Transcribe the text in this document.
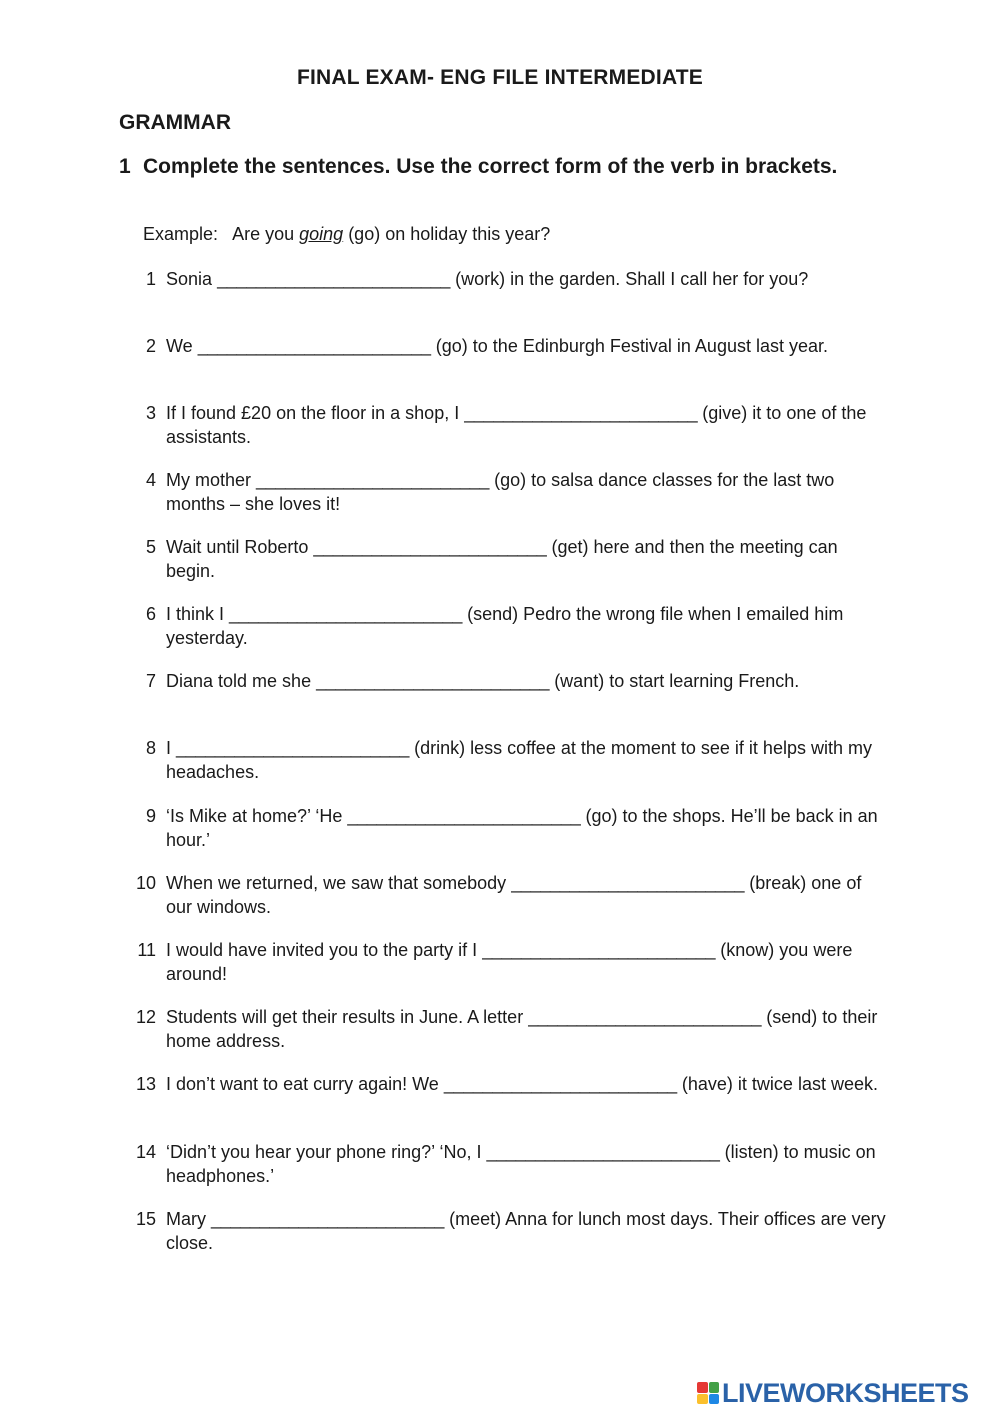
FINAL EXAM- ENG FILE INTERMEDIATE
GRAMMAR
1 Complete the sentences. Use the correct form of the verb in brackets.
Example: Are you going (go) on holiday this year?
1 Sonia ________________________ (work) in the garden. Shall I call her for you?
2 We ________________________ (go) to the Edinburgh Festival in August last year.
3 If I found £20 on the floor in a shop, I ________________________ (give) it to one of the assistants.
4 My mother ________________________ (go) to salsa dance classes for the last two months – she loves it!
5 Wait until Roberto ________________________ (get) here and then the meeting can begin.
6 I think I ________________________ (send) Pedro the wrong file when I emailed him yesterday.
7 Diana told me she ________________________ (want) to start learning French.
8 I ________________________ (drink) less coffee at the moment to see if it helps with my headaches.
9 ‘Is Mike at home?’ ‘He ________________________ (go) to the shops. He’ll be back in an hour.’
10 When we returned, we saw that somebody ________________________ (break) one of our windows.
11 I would have invited you to the party if I ________________________ (know) you were around!
12 Students will get their results in June. A letter ________________________ (send) to their home address.
13 I don’t want to eat curry again! We ________________________ (have) it twice last week.
14 ‘Didn’t you hear your phone ring?’ ‘No, I ________________________ (listen) to music on headphones.’
15 Mary ________________________ (meet) Anna for lunch most days. Their offices are very close.
LIVEWORKSHEETS
